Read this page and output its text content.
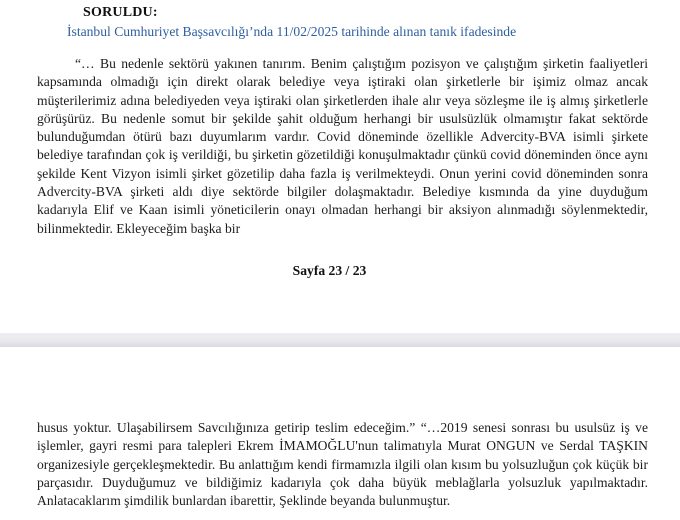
SORULDU:
İstanbul Cumhuriyet Başsavcılığı’nda 11/02/2025 tarihinde alınan tanık ifadesinde

“… Bu nedenle sektörü yakınen tanırım. Benim çalıştığım pozisyon ve çalıştığım şirketin faaliyetleri kapsamında olmadığı için direkt olarak belediye veya iştiraki olan şirketlerle bir işimiz olmaz ancak müşterilerimiz adına belediyeden veya iştiraki olan şirketlerden ihale alır veya sözleşme ile iş almış şirketlerle görüşürüz. Bu nedenle somut bir şekilde şahit olduğum herhangi bir usulsüzlük olmamıştır fakat sektörde bulunduğumdan ötürü bazı duyumlarım vardır. Covid döneminde özellikle Advercity-BVA isimli şirkete belediye tarafından çok iş verildiği, bu şirketin gözetildiği konuşulmaktadır çünkü covid döneminden önce aynı şekilde Kent Vizyon isimli şirket gözetilip daha fazla iş verilmekteydi. Onun yerini covid döneminden sonra Advercity-BVA şirketi aldı diye sektörde bilgiler dolaşmaktadır. Belediye kısmında da yine duyduğum kadarıyla Elif ve Kaan isimli yöneticilerin onayı olmadan herhangi bir aksiyon alınmadığı söylenmektedir, bilinmektedir. Ekleyeceğim başka bir

Sayfa 23 / 23

husus yoktur. Ulaşabilirsem Savcılığınıza getirip teslim edeceğim.” “…2019 senesi sonrası bu usulsüz iş ve işlemler, gayri resmi para talepleri Ekrem İMAMOĞLU'nun talimatıyla Murat ONGUN ve Serdal TAŞKIN organizesiyle gerçekleşmektedir. Bu anlattığım kendi firmamızla ilgili olan kısım bu yolsuzluğun çok küçük bir parçasıdır. Duyduğumuz ve bildiğimiz kadarıyla çok daha büyük meblağlarla yolsuzluk yapılmaktadır. Anlatacaklarım şimdilik bunlardan ibarettir, Şeklinde beyanda bulunmuştur.
